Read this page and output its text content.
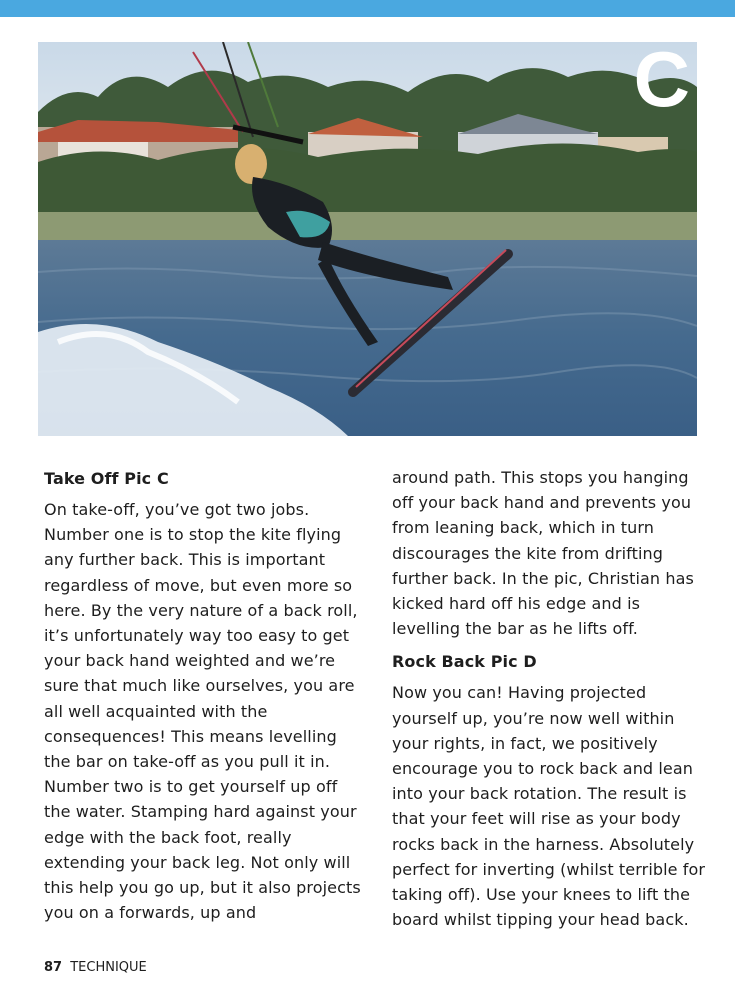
C

Take Off Pic C

On take-off, you’ve got two jobs. Number one is to stop the kite flying any further back. This is important regardless of move, but even more so here. By the very nature of a back roll, it’s unfortunately way too easy to get your back hand weighted and we’re sure that much like ourselves, you are all well acquainted with the consequences! This means levelling the bar on take-off as you pull it in. Number two is to get yourself up off the water. Stamping hard against your edge with the back foot, really extending your back leg. Not only will this help you go up, but it also projects you on a forwards, up and

around path. This stops you hanging off your back hand and prevents you from leaning back, which in turn discourages the kite from drifting further back. In the pic, Christian has kicked hard off his edge and is levelling the bar as he lifts off.

Rock Back Pic D

Now you can! Having projected yourself up, you’re now well within your rights, in fact, we positively encourage you to rock back and lean into your back rotation. The result is that your feet will rise as your body rocks back in the harness. Absolutely perfect for inverting (whilst terrible for taking off). Use your knees to lift the board whilst tipping your head back.

87 TECHNIQUE
